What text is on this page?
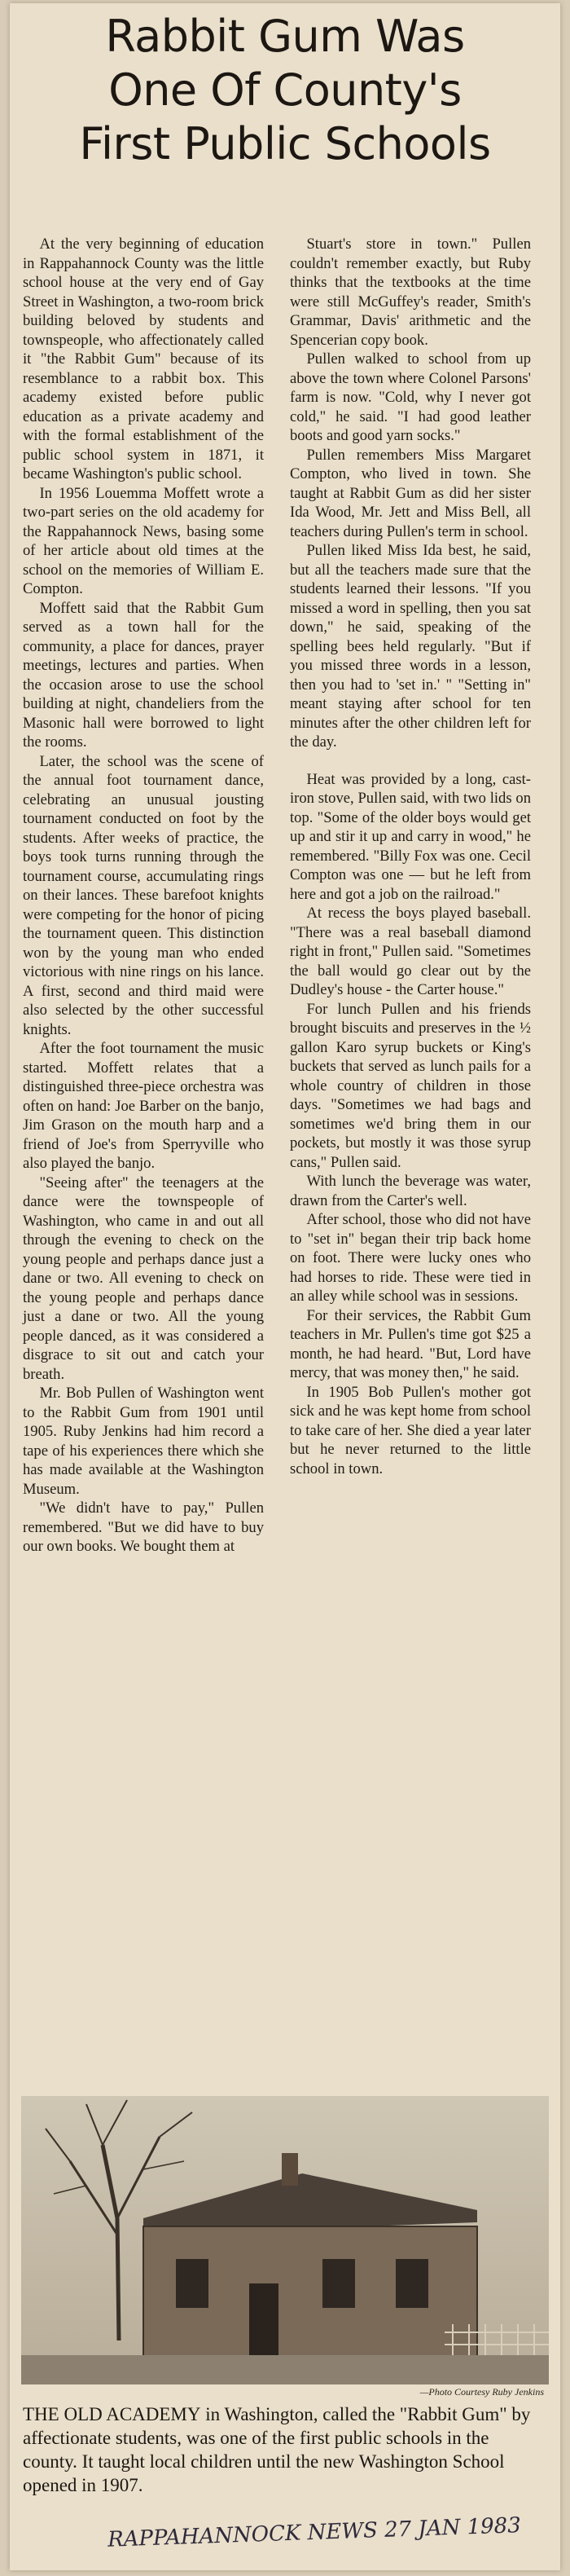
Rabbit Gum Was
One Of County's
First Public Schools

At the very beginning of education in Rappahannock County was the little school house at the very end of Gay Street in Washington, a two-room brick building beloved by students and townspeople, who affectionately called it "the Rabbit Gum" because of its resemblance to a rabbit box. This academy existed before public education as a private academy and with the formal establishment of the public school system in 1871, it became Washington's public school.

In 1956 Louemma Moffett wrote a two-part series on the old academy for the Rappahannock News, basing some of her article about old times at the school on the memories of William E. Compton.

Moffett said that the Rabbit Gum served as a town hall for the community, a place for dances, prayer meetings, lectures and parties. When the occasion arose to use the school building at night, chandeliers from the Masonic hall were borrowed to light the rooms.

Later, the school was the scene of the annual foot tournament dance, celebrating an unusual jousting tournament conducted on foot by the students. After weeks of practice, the boys took turns running through the tournament course, accumulating rings on their lances. These barefoot knights were competing for the honor of picing the tournament queen. This distinction won by the young man who ended victorious with nine rings on his lance. A first, second and third maid were also selected by the other successful knights.

After the foot tournament the music started. Moffett relates that a distinguished three-piece orchestra was often on hand: Joe Barber on the banjo, Jim Grason on the mouth harp and a friend of Joe's from Sperryville who also played the banjo.

"Seeing after" the teenagers at the dance were the townspeople of Washington, who came in and out all through the evening to check on the young people and perhaps dance just a dane or two. All evening to check on the young people and perhaps dance just a dane or two. All the young people danced, as it was considered a disgrace to sit out and catch your breath.

Mr. Bob Pullen of Washington went to the Rabbit Gum from 1901 until 1905. Ruby Jenkins had him record a tape of his experiences there which she has made available at the Washington Museum.

"We didn't have to pay," Pullen remembered. "But we did have to buy our own books. We bought them at

Stuart's store in town." Pullen couldn't remember exactly, but Ruby thinks that the textbooks at the time were still McGuffey's reader, Smith's Grammar, Davis' arithmetic and the Spencerian copy book.

Pullen walked to school from up above the town where Colonel Parsons' farm is now. "Cold, why I never got cold," he said. "I had good leather boots and good yarn socks."

Pullen remembers Miss Margaret Compton, who lived in town. She taught at Rabbit Gum as did her sister Ida Wood, Mr. Jett and Miss Bell, all teachers during Pullen's term in school.

Pullen liked Miss Ida best, he said, but all the teachers made sure that the students learned their lessons. "If you missed a word in spelling, then you sat down," he said, speaking of the spelling bees held regularly. "But if you missed three words in a lesson, then you had to 'set in.' " "Setting in" meant staying after school for ten minutes after the other children left for the day.

Heat was provided by a long, cast-iron stove, Pullen said, with two lids on top. "Some of the older boys would get up and stir it up and carry in wood," he remembered. "Billy Fox was one. Cecil Compton was one — but he left from here and got a job on the railroad."

At recess the boys played baseball. "There was a real baseball diamond right in front," Pullen said. "Sometimes the ball would go clear out by the Dudley's house - the Carter house."

For lunch Pullen and his friends brought biscuits and preserves in the ½ gallon Karo syrup buckets or King's buckets that served as lunch pails for a whole country of children in those days. "Sometimes we had bags and sometimes we'd bring them in our pockets, but mostly it was those syrup cans," Pullen said.

With lunch the beverage was water, drawn from the Carter's well.

After school, those who did not have to "set in" began their trip back home on foot. There were lucky ones who had horses to ride. These were tied in an alley while school was in sessions.

For their services, the Rabbit Gum teachers in Mr. Pullen's time got $25 a month, he had heard. "But, Lord have mercy, that was money then," he said.

In 1905 Bob Pullen's mother got sick and he was kept home from school to take care of her. She died a year later but he never returned to the little school in town.

—Photo Courtesy Ruby Jenkins
THE OLD ACADEMY in Washington, called the "Rabbit Gum" by affectionate students, was one of the first public schools in the county. It taught local children until the new Washington School opened in 1907.
RAPPAHANNOCK NEWS 27 JAN 1983
